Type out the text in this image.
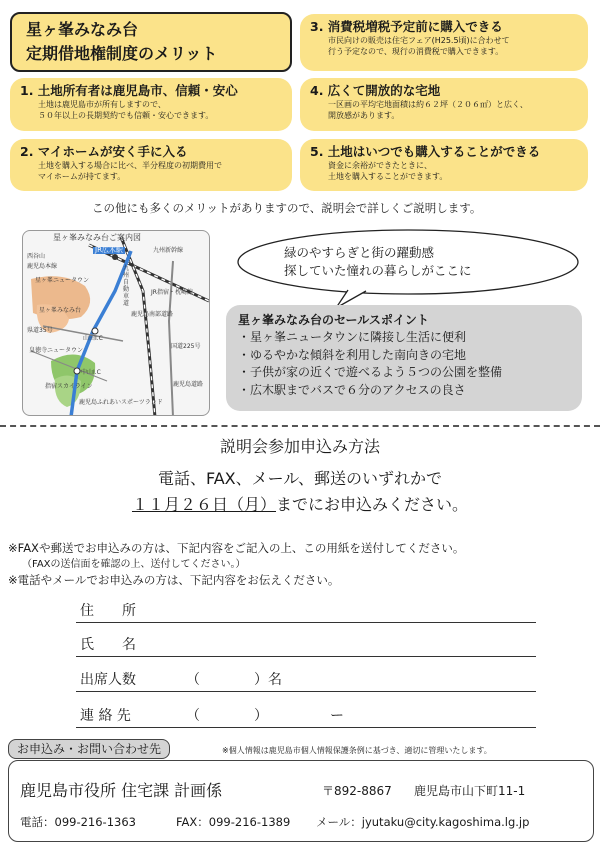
星ヶ峯みなみ台
定期借地権制度のメリット
1. 土地所有者は鹿児島市、信頼・安心
土地は鹿児島市が所有しますので、
５０年以上の長期契約でも信頼・安心できます。
2. マイホームが安く手に入る
土地を購入する場合に比べ、半分程度の初期費用で
マイホームが持てます。
3. 消費税増税予定前に購入できる
市民向けの販売は住宅フェア(H25.5頃)に合わせて
行う予定なので、現行の消費税で購入できます。
4. 広くて開放的な宅地
一区画の平均宅地面積は約６２坪（２０６㎡）と広く、
開放感があります。
5. 土地はいつでも購入することができる
資金に余裕ができたときに、
土地を購入することができます。
この他にも多くのメリットがありますので、説明会で詳しくご説明します。
星ヶ峯みなみ台ご案内図
JR広木駅	九州新幹線
九州自動車道
西谷山
鹿児島本線
星ヶ峯ニュータウン
星ヶ峯みなみ台
県道35号
山田I.C
皇徳寺ニュータウン
中山I.C
鹿児島ふれあいスポーツランド
指宿スカイライン
鹿児島南部道路
JR指宿・枕崎線
国道225号
鹿児島道路
緑のやすらぎと街の躍動感
探していた憧れの暮らしがここに
星ヶ峯みなみ台のセールスポイント
・星ヶ峯ニュータウンに隣接し生活に便利
・ゆるやかな傾斜を利用した南向きの宅地
・子供が家の近くで遊べるよう５つの公園を整備
・広木駅までバスで６分のアクセスの良さ
説明会参加申込み方法
電話、FAX、メール、郵送のいずれかで
１１月２６日（月）までにお申込みください。
※FAXや郵送でお申込みの方は、下記内容をご記入の上、この用紙を送付してください。
（FAXの送信面を確認の上、送付してください。）
※電話やメールでお申込みの方は、下記内容をお伝えください。
住　　所
氏　　名
出席人数	（	）名
連 絡 先	（	）	ー
お申込み・お問い合わせ先	※個人情報は鹿児島市個人情報保護条例に基づき、適切に管理いたします。
鹿児島市役所 住宅課 計画係	〒892-8867 鹿児島市山下町11-1
電話：099-216-1363	FAX：099-216-1389 メール：jyutaku@city.kagoshima.lg.jp
